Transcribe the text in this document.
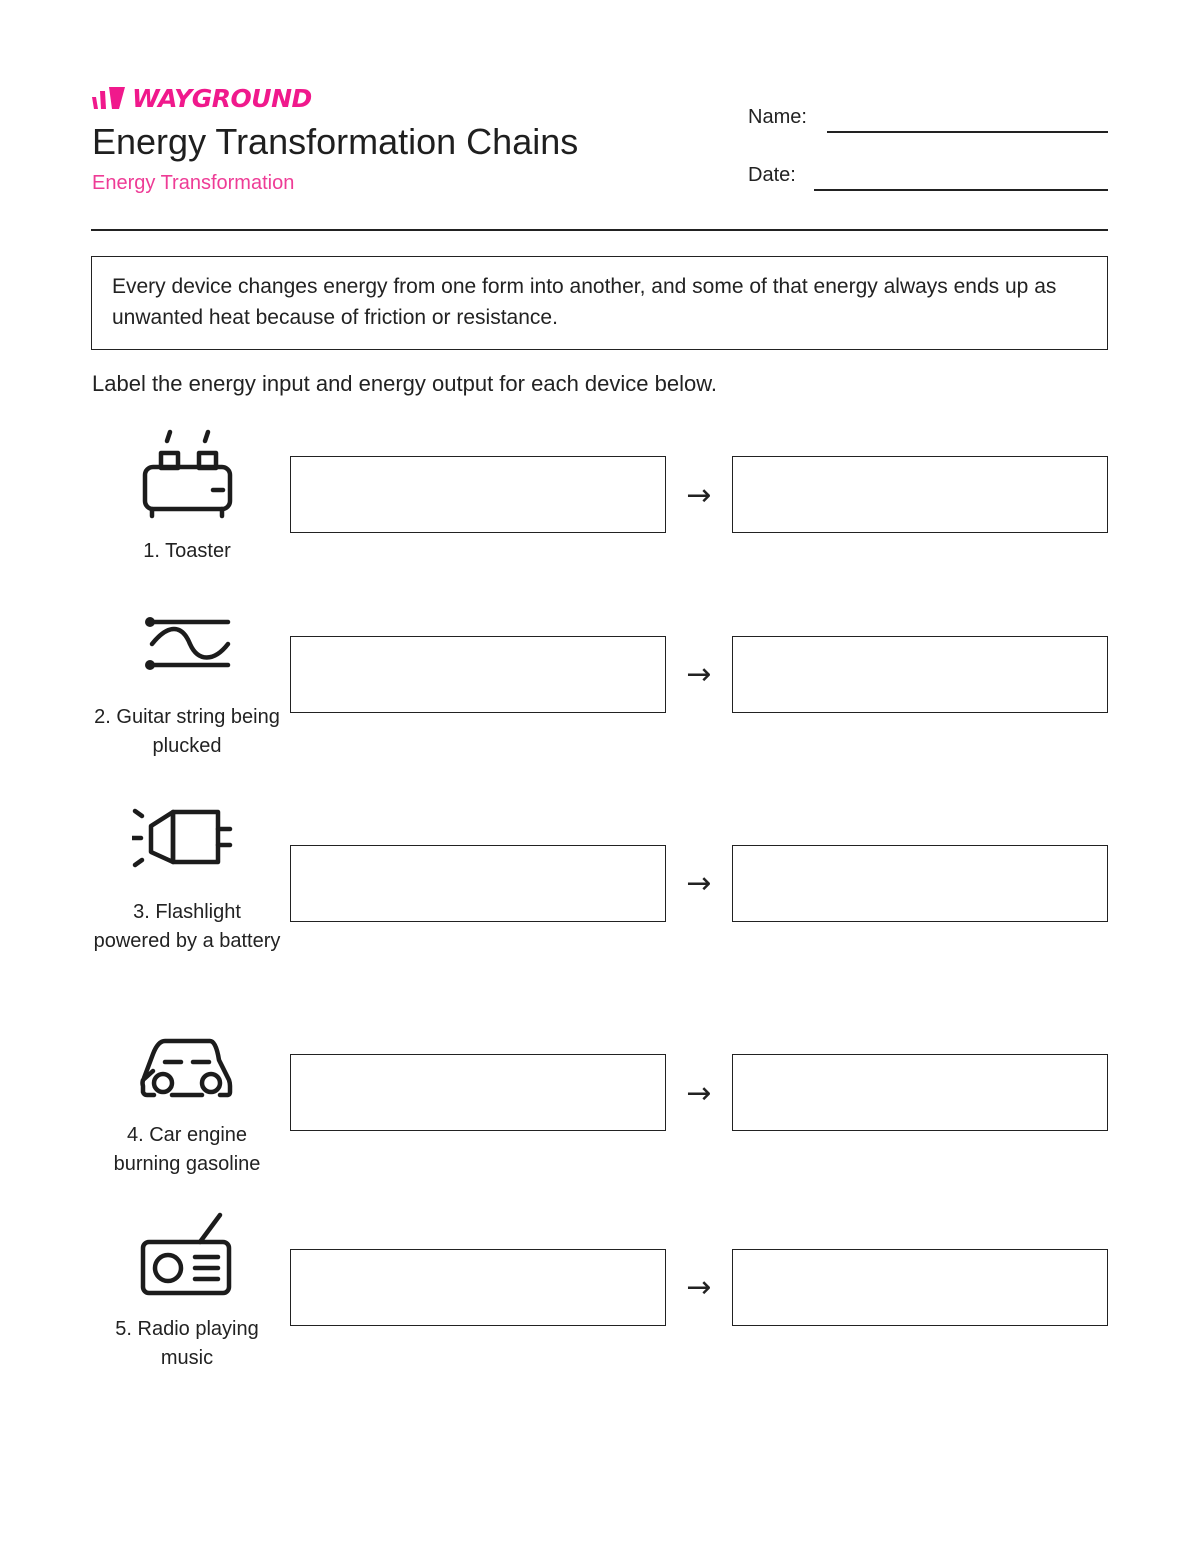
WAYGROUND
Energy Transformation Chains
Energy Transformation
Name:
Date:
Every device changes energy from one form into another, and some of that energy always ends up as unwanted heat because of friction or resistance.
Label the energy input and energy output for each device below.
1. Toaster
→
2. Guitar string being plucked
→
3. Flashlight powered by a battery
→
4. Car engine burning gasoline
→
5. Radio playing music
→
